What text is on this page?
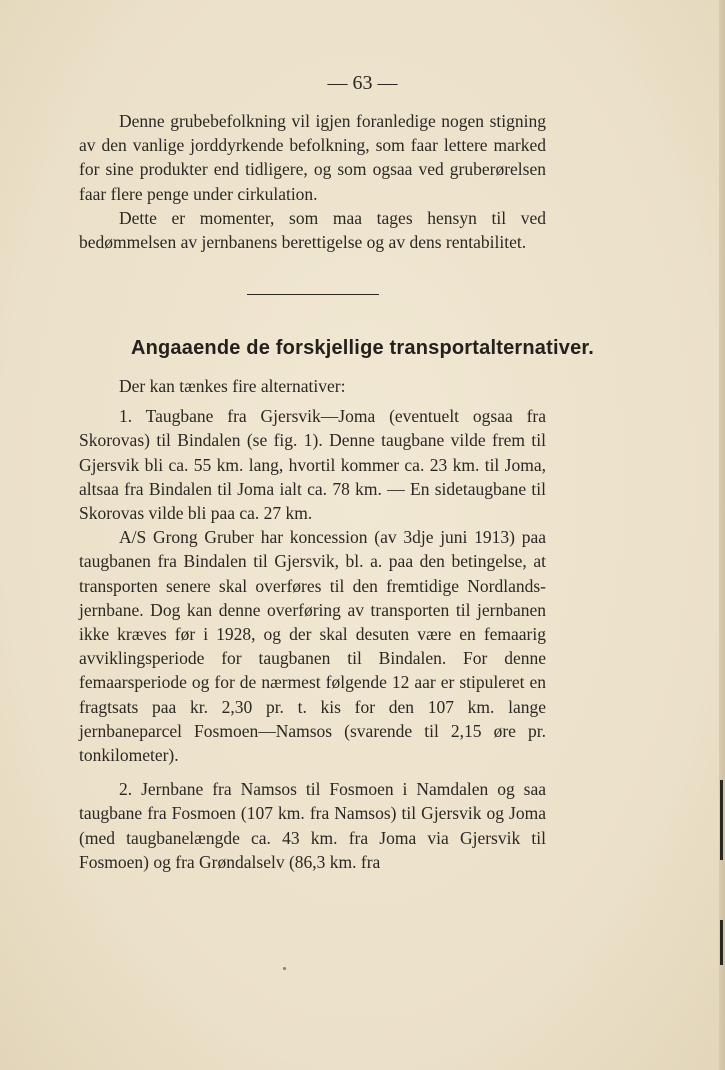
— 63 —

Denne grubebefolkning vil igjen foranledige nogen stigning av den vanlige jorddyrkende befolkning, som faar lettere marked for sine produkter end tidligere, og som ogsaa ved gruberørelsen faar flere penge under cirkulation.

Dette er momenter, som maa tages hensyn til ved bedømmelsen av jernbanens berettigelse og av dens rentabilitet.

Angaaende de forskjellige transportalternativer.

Der kan tænkes fire alternativer:

1. Taugbane fra Gjersvik—Joma (eventuelt ogsaa fra Skorovas) til Bindalen (se fig. 1). Denne taugbane vilde frem til Gjersvik bli ca. 55 km. lang, hvortil kommer ca. 23 km. til Joma, altsaa fra Bindalen til Joma ialt ca. 78 km. — En sidetaugbane til Skorovas vilde bli paa ca. 27 km.

A/S Grong Gruber har koncession (av 3dje juni 1913) paa taugbanen fra Bindalen til Gjersvik, bl. a. paa den betingelse, at transporten senere skal overføres til den fremtidige Nordlands-jernbane. Dog kan denne overføring av transporten til jernbanen ikke kræves før i 1928, og der skal desuten være en femaarig avviklingsperiode for taugbanen til Bindalen. For denne femaarsperiode og for de nærmest følgende 12 aar er stipuleret en fragtsats paa kr. 2,30 pr. t. kis for den 107 km. lange jernbaneparcel Fosmoen—Namsos (svarende til 2,15 øre pr. tonkilometer).

2. Jernbane fra Namsos til Fosmoen i Namdalen og saa taugbane fra Fosmoen (107 km. fra Namsos) til Gjersvik og Joma (med taugbanelængde ca. 43 km. fra Joma via Gjersvik til Fosmoen) og fra Grøndalselv (86,3 km. fra
